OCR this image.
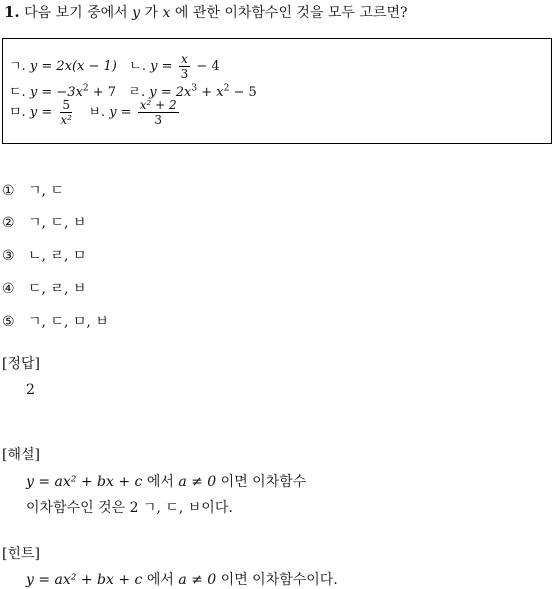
1. 다음 보기 중에서 y 가 x 에 관한 이차함수인 것을 모두 고르면?
ㄱ. y = 2x(x − 1) ㄴ. $y = \frac{x}{3} - 4$
ㄷ. $y = -3x^2 + 7$ ㄹ. $y = 2x^3 + x^2 - 5$
ㅁ. $y = \frac{5}{\text{x²}}$ ㅂ. $y = \frac{\text{x² + 2}}{3}$
① ㄱ, ㄷ
② ㄱ, ㄷ, ㅂ
③ ㄴ, ㄹ, ㅁ
④ ㄷ, ㄹ, ㅂ
⑤ ㄱ, ㄷ, ㅁ, ㅂ
[정답]
2
[해설]
y = ax² + bx + c 에서 a ≠ 0 이면 이차함수
이차함수인 것은 2 ㄱ, ㄷ, ㅂ이다.
[힌트]
y = ax² + bx + c 에서 a ≠ 0 이면 이차함수이다.
